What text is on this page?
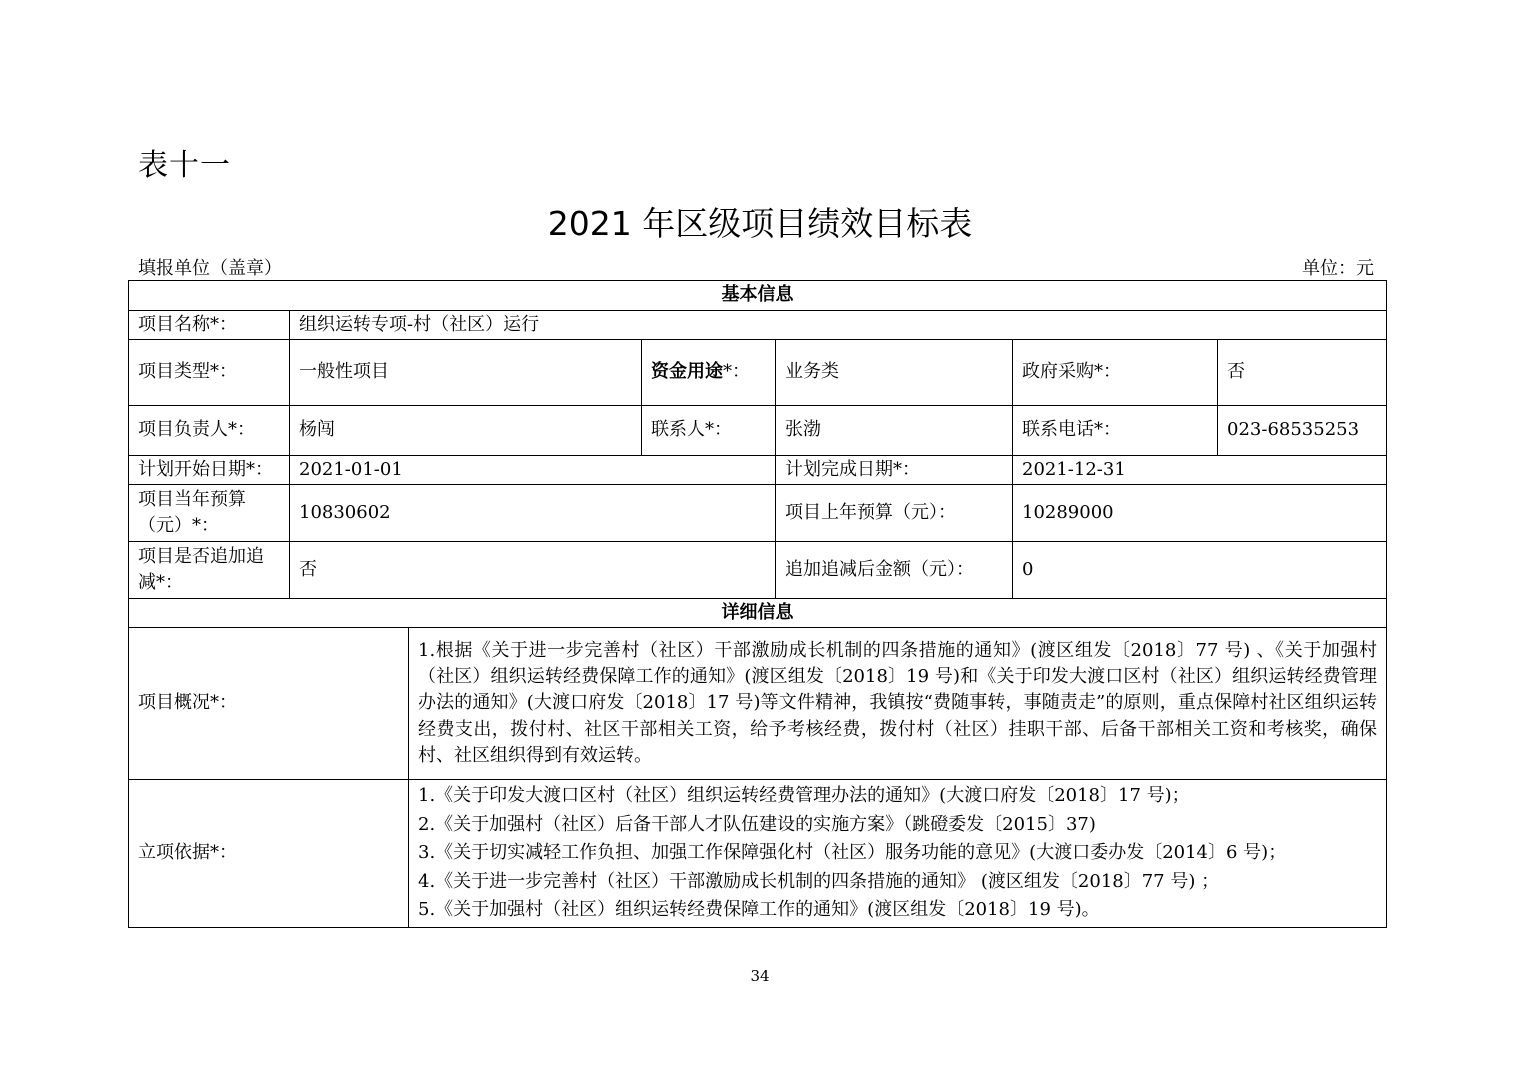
表十一
2021 年区级项目绩效目标表
填报单位（盖章）	单位：元
基本信息						
项目名称*：	组织运转专项-村（社区）运行					
项目类型*：	一般性项目		资金用途*：	业务类	政府采购*：	否
项目负责人*：	杨闯		联系人*：	张渤	联系电话*：	023-68535253
计划开始日期*：	2021-01-01			计划完成日期*：	2021-12-31	
项目当年预算（元）*：	10830602			项目上年预算（元）：	10289000	
项目是否追加追减*：	否			追加追减后金额（元）：	0	
详细信息						
项目概况*：		1.根据《关于进一步完善村（社区）干部激励成长机制的四条措施的通知》(渡区组发〔2018〕77 号) 、《关于加强村（社区）组织运转经费保障工作的通知》(渡区组发〔2018〕19 号)和《关于印发大渡口区村（社区）组织运转经费管理办法的通知》(大渡口府发〔2018〕17 号)等文件精神，我镇按“费随事转，事随责走”的原则，重点保障村社区组织运转经费支出，拨付村、社区干部相关工资，给予考核经费，拨付村（社区）挂职干部、后备干部相关工资和考核奖，确保村、社区组织得到有效运转。				
立项依据*：		1.《关于印发大渡口区村（社区）组织运转经费管理办法的通知》(大渡口府发〔2018〕17 号)；
2.《关于加强村（社区）后备干部人才队伍建设的实施方案》（跳磴委发〔2015〕37)
3.《关于切实减轻工作负担、加强工作保障强化村（社区）服务功能的意见》(大渡口委办发〔2014〕6 号)；
4.《关于进一步完善村（社区）干部激励成长机制的四条措施的通知》 (渡区组发〔2018〕77 号) ；
5.《关于加强村（社区）组织运转经费保障工作的通知》(渡区组发〔2018〕19 号)。				
34
